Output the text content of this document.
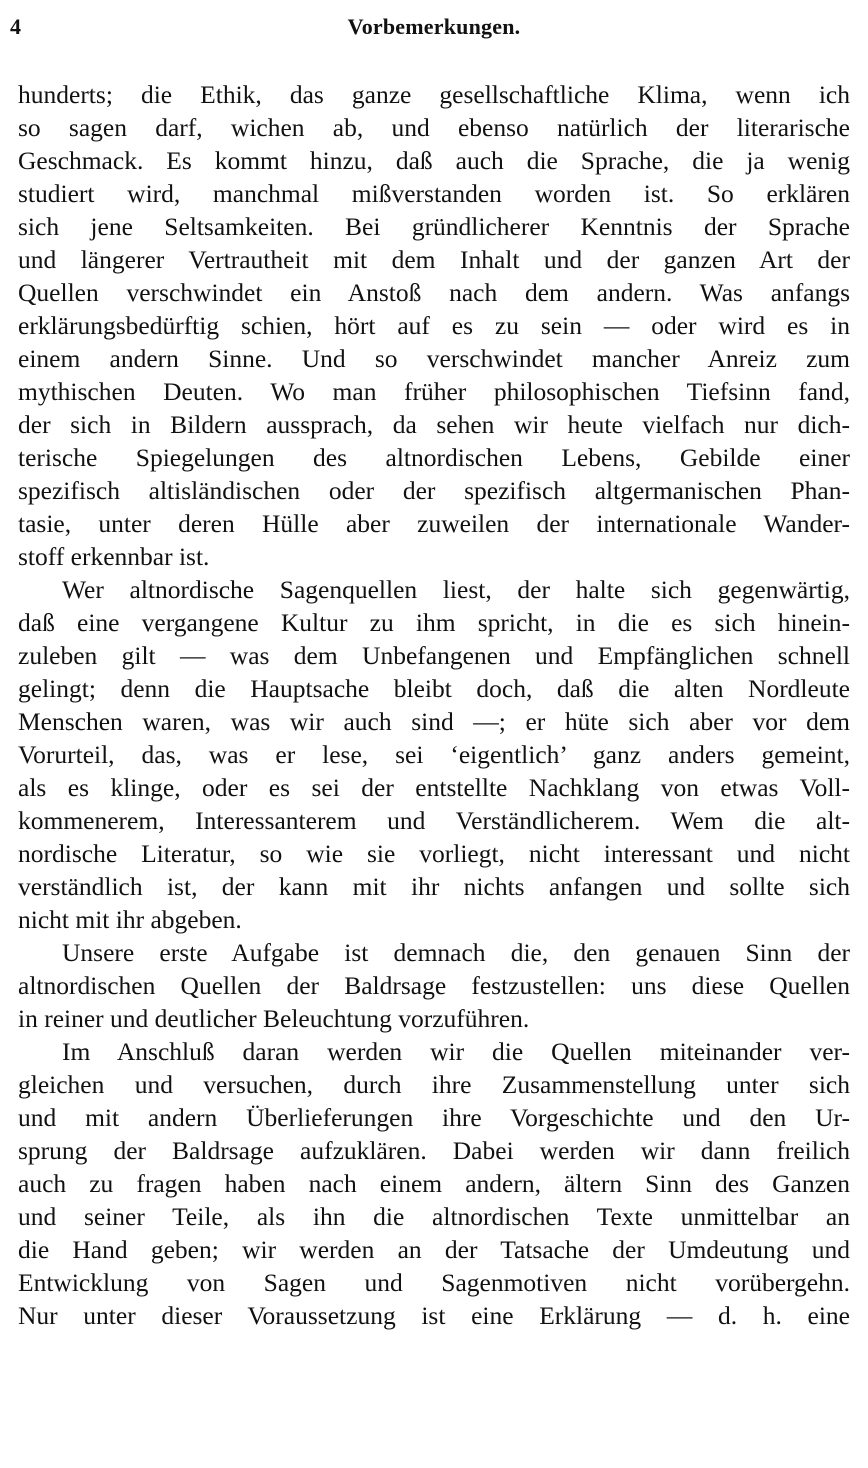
4	Vorbemerkungen.
hunderts; die Ethik, das ganze gesellschaftliche Klima, wenn ich
so sagen darf, wichen ab, und ebenso natürlich der literarische
Geschmack. Es kommt hinzu, daß auch die Sprache, die ja wenig
studiert wird, manchmal mißverstanden worden ist. So erklären
sich jene Seltsamkeiten. Bei gründlicherer Kenntnis der Sprache
und längerer Vertrautheit mit dem Inhalt und der ganzen Art der
Quellen verschwindet ein Anstoß nach dem andern. Was anfangs
erklärungsbedürftig schien, hört auf es zu sein — oder wird es in
einem andern Sinne. Und so verschwindet mancher Anreiz zum
mythischen Deuten. Wo man früher philosophischen Tiefsinn fand,
der sich in Bildern aussprach, da sehen wir heute vielfach nur dich-
terische Spiegelungen des altnordischen Lebens, Gebilde einer
spezifisch altisländischen oder der spezifisch altgermanischen Phan-
tasie, unter deren Hülle aber zuweilen der internationale Wander-
stoff erkennbar ist.
Wer altnordische Sagenquellen liest, der halte sich gegenwärtig,
daß eine vergangene Kultur zu ihm spricht, in die es sich hinein-
zuleben gilt — was dem Unbefangenen und Empfänglichen schnell
gelingt; denn die Hauptsache bleibt doch, daß die alten Nordleute
Menschen waren, was wir auch sind —; er hüte sich aber vor dem
Vorurteil, das, was er lese, sei ‘eigentlich’ ganz anders gemeint,
als es klinge, oder es sei der entstellte Nachklang von etwas Voll-
kommenerem, Interessanterem und Verständlicherem. Wem die alt-
nordische Literatur, so wie sie vorliegt, nicht interessant und nicht
verständlich ist, der kann mit ihr nichts anfangen und sollte sich
nicht mit ihr abgeben.
Unsere erste Aufgabe ist demnach die, den genauen Sinn der
altnordischen Quellen der Baldrsage festzustellen: uns diese Quellen
in reiner und deutlicher Beleuchtung vorzuführen.
Im Anschluß daran werden wir die Quellen miteinander ver-
gleichen und versuchen, durch ihre Zusammenstellung unter sich
und mit andern Überlieferungen ihre Vorgeschichte und den Ur-
sprung der Baldrsage aufzuklären. Dabei werden wir dann freilich
auch zu fragen haben nach einem andern, ältern Sinn des Ganzen
und seiner Teile, als ihn die altnordischen Texte unmittelbar an
die Hand geben; wir werden an der Tatsache der Umdeutung und
Entwicklung von Sagen und Sagenmotiven nicht vorübergehn.
Nur unter dieser Voraussetzung ist eine Erklärung — d. h. eine
